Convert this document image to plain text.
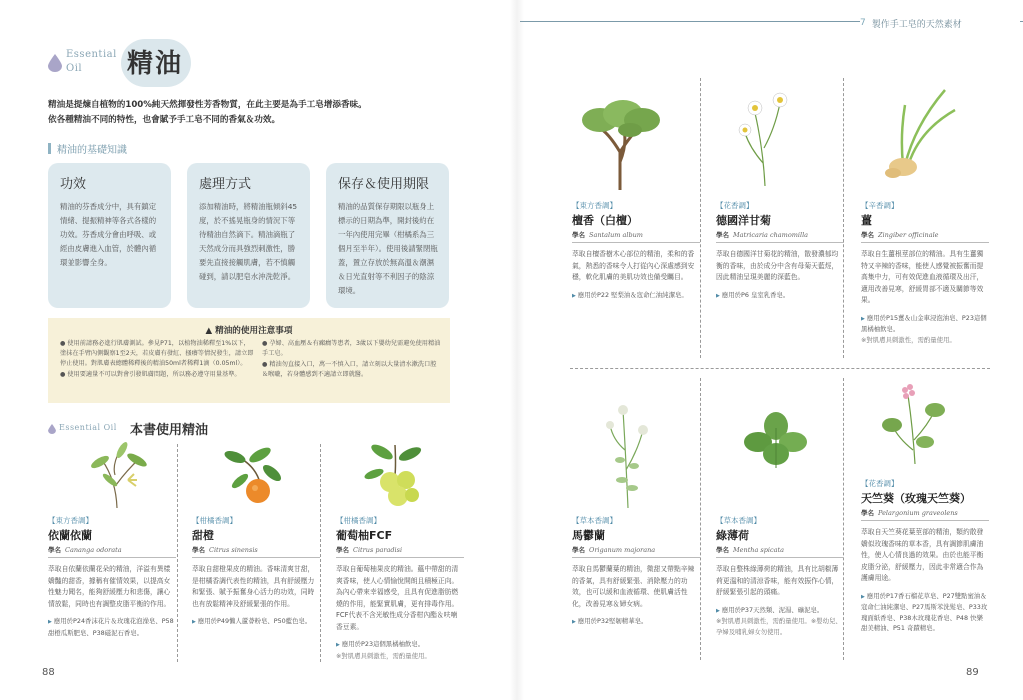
7 製作手工皂的天然素材
Essential
Oil	精油
精油是提煉自植物的100%純天然揮發性芳香物質，在此主要是為手工皂增添香味。
依各種精油不同的特性，也會賦予手工皂不同的香氣＆功效。
精油的基礎知識
功效

精油的芬香成分中，具有鎮定情緒、提振精神等各式各樣的功效。芬香成分會由呼吸、或經由皮膚進入血管，於體內循環並影響全身。

處理方式

添加精油時，將精油瓶傾斜45度，於不搖晃瓶身的情況下等待精油自然滴下。精油滴瓶了天然成分而具強烈刺激性，勝要先直接接觸肌膚，若不慎觸碰到，請以肥皂水沖洗乾淨。

保存＆使用期限

精油的品質保存期限以瓶身上標示的日期為準，開封後約在一年內使用完畢（柑橘系為三個月至半年）。使用後請緊閉瓶蓋，置立存放於無高溫＆潮濕＆日光直射等不利因子的陰涼環境。

▲ 精油的使用注意事項
● 使用前請務必進行肌膚測試。參見P71，以植物油稀釋至1%以下，塗抹在手臂內側觀察1至2天，若皮膚有發紅、搔癢等情況發生，請立即停止使用。對肌膚表總體稀釋後的精油50ml者稀釋1滴（0.05ml）。
● 使用要適量不可以對會引發肌膚問題，所以務必遵守用量基準。
● 孕婦、高血壓＆有癲癇等患者，3歲以下嬰幼兒需避免使用精油手工皂。
● 精油勿直接入口，萬一不慎入口，請立刻以大量清水漱洗口腔＆喉嚨，若身體感到不適請立即就醫。
Essential Oil 本書使用精油
【東方香調】
依蘭依蘭
學名 Cananga odorata
萃取自依蘭依蘭花朵的精油，洋溢有異樣嬌豔的甜香，據稱有催情效果，以提高女性魅力聞名，能夠舒緩壓力和悲傷，讓心情放鬆，同時也有調整皮脂平衡的作用。
▶ 應用於P24香沫花片＆玫瑰花泡澡皂、P58甜橙瓜斯肥皂、P38磁泥石香皂。
【柑橘香調】
甜橙
學名 Citrus sinensis
萃取自甜橙果皮的精油。香味清爽甘甜，是柑橘香調代表性的精油，具有舒緩壓力和緊張、賦予振奮身心活力的功效，同時也有放鬆精神及舒緩緊張的作用。
▶ 應用於P49懶人蘆薈粉皂、P50藍色皂。
【柑橘香調】
葡萄柚FCF
學名 Citrus paradisi
萃取自葡萄柚果皮的精油。蘊中帶甜的清爽香味，使人心情愉悅開朗且積極正向。為內心帶來幸福感受，且具有促進脂肪燃燒的作用，能緊實肌膚，更有排毒作用。FCF代表不含光敏性成分香柑內酯＆呋喃香豆素。
▶ 應用於P23這個黑橘柚飲皂。
※對肌膚具刺激性，需酌量使用。
【東方香調】
檀香（白檀）
學名 Santalum album
萃取自檀香樹木心部位的精油，柔和的香氣，熱悉的香味令人打從內心深處感到安穩，軟化肌膚的美肌功效也備受矚目。
▶ 應用於P22 堅梨油＆寇命仁油純潔皂。
【花香調】
德國洋甘菊
學名 Matricaria chamomilla
萃取自德國洋甘菊花的精油，散發濃郁均衡的香味，由於成分中含有母菊天藍烴，因此精油呈現美麗的深藍色。
▶ 應用於P6 皇室乳香皂。
【辛香調】
薑
學名 Zingiber officinale
萃取自生薑根莖部位的精油。具有生薑獨特又辛辣的香味，能使人感覺被振奮而提高集中力，可有效促進血液循環及出汗，適用改善見寒，舒緩胃部不適及關節等效果。
▶ 應用於P15薑＆山金車浸泡油皂、P23這個黑橘柚飲皂。
※對肌膚具刺激性，需酌量使用。
【草本香調】
馬鬱蘭
學名 Origanum majorana
萃取自馬鬱蘭葉的精油，微甜又帶點辛辣的香氣，具有舒緩緊張、消除壓力的功效，也可以緩和血液循環、使肌膚活性化，改善見寒＆婦女病。
▶ 應用於P32堅韌精華皂。
【草本香調】
綠薄荷
學名 Mentha spicata
萃取自整株綠薄荷的精油，具有比胡椒薄荷更溫和的清涼香味，能有效振作心情，舒緩緊張引起的頭痛。
▶ 應用於P37天然類、泥湯、礦泥皂。
※對肌膚具刺激性，需酌量使用。※嬰幼兒、孕婦及哺乳婦女勿使用。
【花香調】
天竺葵（玫瑰天竺葵）
學名 Pelargonium graveolens
萃取自天竺葵花葉莖部的精油，類約散發嬌似玫瑰香味的草本香，具有調節肌膚油性，使人心情良過的效果。由於也能平衡皮脂分泌，舒緩壓力，因此非常適合作為護膚用途。
▶ 應用於P17香石榴花草皂、P27雙點蜜油＆寇命仁油純潔皂、P27馬斯苯洗髮皂、P33玫瑰面紙香皂、P38木玫瑰花香皂、P48 快樂甜美精油、P51 奇蹟精皂。
88	89
